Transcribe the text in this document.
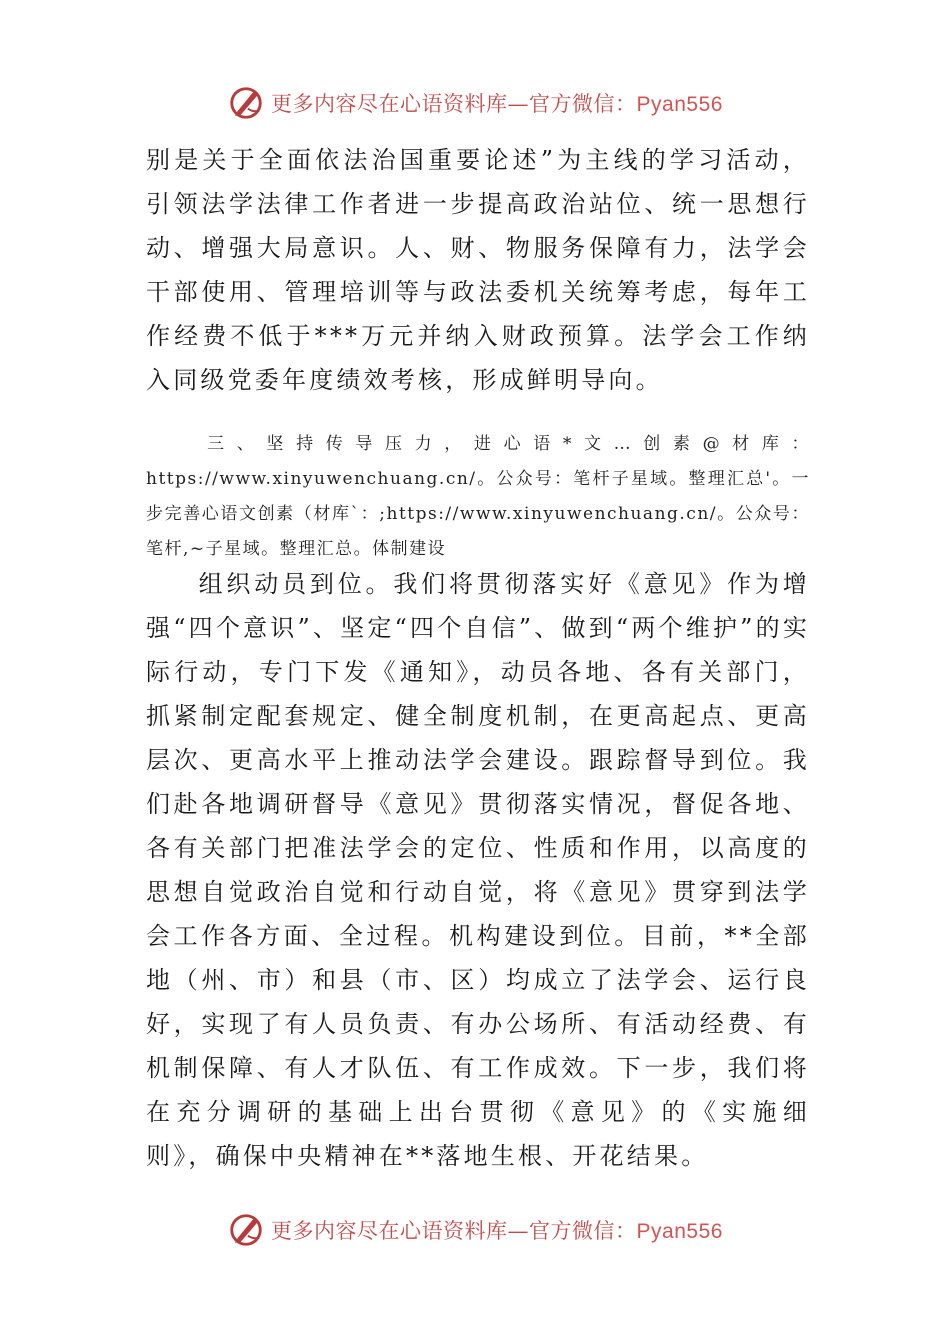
更多内容尽在心语资料库—官方微信：Pyan556

别是关于全面依法治国重要论述”为主线的学习活动，引领法学法律工作者进一步提高政治站位、统一思想行动、增强大局意识。人、财、物服务保障有力，法学会干部使用、管理培训等与政法委机关统筹考虑，每年工作经费不低于***万元并纳入财政预算。法学会工作纳入同级党委年度绩效考核，形成鲜明导向。

三、坚持传导压力，进心语*文…创素@材库： https://www.xinyuwenchuang.cn/。公众号：笔杆子星域。整理汇总'。一步完善心语文创素（材库`：;https://www.xinyuwenchuang.cn/。公众号：笔杆,~子星域。整理汇总。体制建设

组织动员到位。我们将贯彻落实好《意见》作为增强“四个意识”、坚定“四个自信”、做到“两个维护”的实际行动，专门下发《通知》，动员各地、各有关部门，抓紧制定配套规定、健全制度机制，在更高起点、更高层次、更高水平上推动法学会建设。跟踪督导到位。我们赴各地调研督导《意见》贯彻落实情况，督促各地、各有关部门把准法学会的定位、性质和作用，以高度的思想自觉政治自觉和行动自觉，将《意见》贯穿到法学会工作各方面、全过程。机构建设到位。目前，**全部地（州、市）和县（市、区）均成立了法学会、运行良好，实现了有人员负责、有办公场所、有活动经费、有机制保障、有人才队伍、有工作成效。下一步，我们将在充分调研的基础上出台贯彻《意见》的《实施细则》，确保中央精神在**落地生根、开花结果。

更多内容尽在心语资料库—官方微信：Pyan556
